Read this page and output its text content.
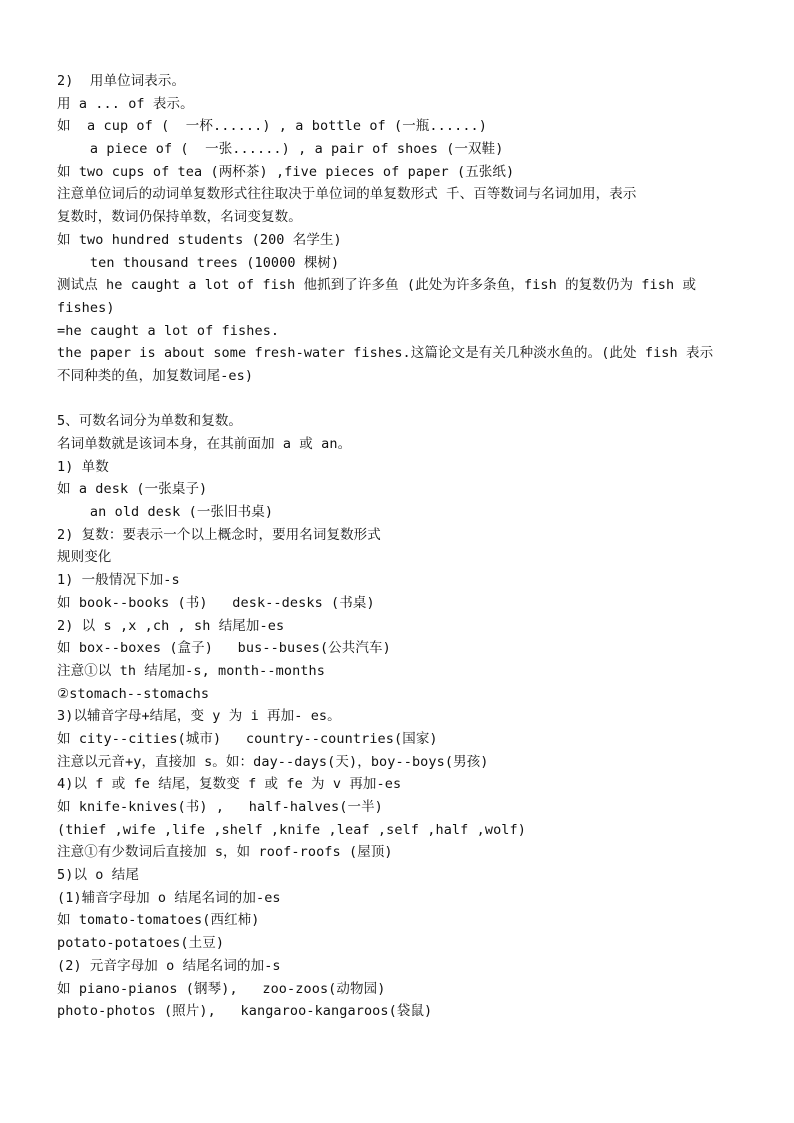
2)  用单位词表示。
用 a ... of 表示。
如  a cup of (  一杯......) , a bottle of (一瓶......)
a piece of (  一张......) , a pair of shoes (一双鞋)
如 two cups of tea (两杯茶) ,five pieces of paper (五张纸)
注意单位词后的动词单复数形式往往取决于单位词的单复数形式 千、百等数词与名词加用，表示
复数时，数词仍保持单数，名词变复数。
如 two hundred students (200 名学生)
ten thousand trees (10000 棵树)
测试点 he caught a lot of fish 他抓到了许多鱼 (此处为许多条鱼，fish 的复数仍为 fish 或
fishes)
=he caught a lot of fishes.
the paper is about some fresh-water fishes.这篇论文是有关几种淡水鱼的。(此处 fish 表示
不同种类的鱼，加复数词尾-es)
5、可数名词分为单数和复数。
名词单数就是该词本身，在其前面加 a 或 an。
1) 单数
如 a desk (一张桌子)
an old desk (一张旧书桌)
2) 复数：要表示一个以上概念时，要用名词复数形式
规则变化
1) 一般情况下加-s
如 book--books (书)   desk--desks (书桌)
2) 以 s ,x ,ch , sh 结尾加-es
如 box--boxes (盒子)   bus--buses(公共汽车)
注意①以 th 结尾加-s, month--months
②stomach--stomachs
3)以辅音字母+结尾，变 y 为 i 再加- es。
如 city--cities(城市)   country--countries(国家)
注意以元音+y，直接加 s。如：day--days(天)，boy--boys(男孩)
4)以 f 或 fe 结尾，复数变 f 或 fe 为 v 再加-es
如 knife-knives(书) ,   half-halves(一半)
(thief ,wife ,life ,shelf ,knife ,leaf ,self ,half ,wolf)
注意①有少数词后直接加 s，如 roof-roofs (屋顶)
5)以 o 结尾
(1)辅音字母加 o 结尾名词的加-es
如 tomato-tomatoes(西红柿)
potato-potatoes(土豆)
(2) 元音字母加 o 结尾名词的加-s
如 piano-pianos (钢琴),   zoo-zoos(动物园)
photo-photos (照片),   kangaroo-kangaroos(袋鼠)
